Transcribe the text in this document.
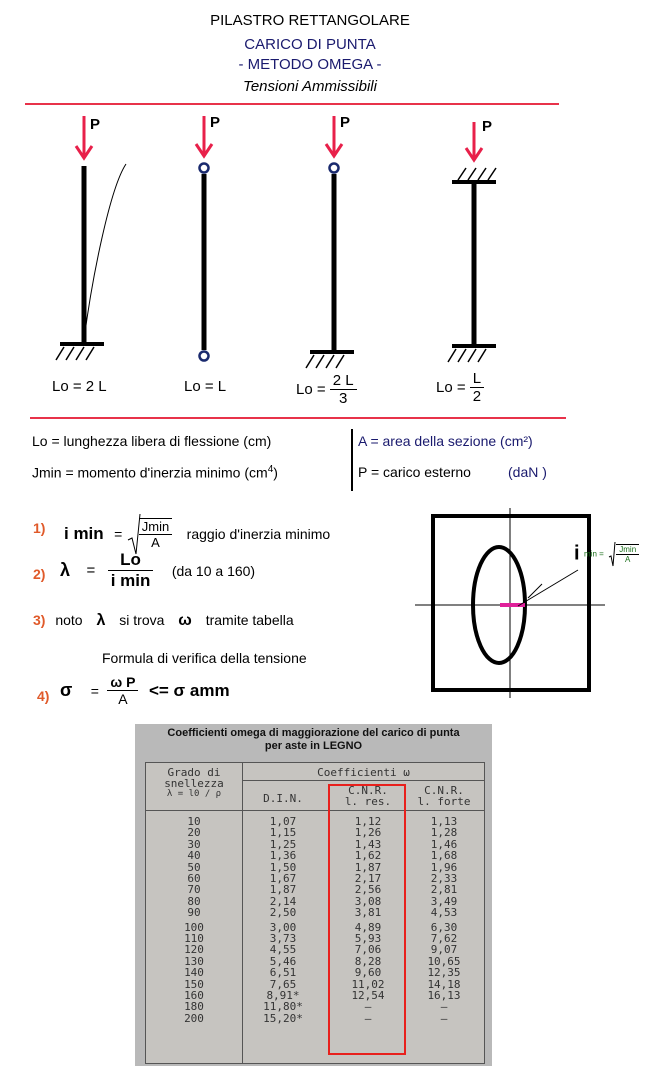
PILASTRO RETTANGOLARE
CARICO DI PUNTA
- METODO OMEGA -
Tensioni Ammissibili
P	P	P	P
Lo = 2 L	Lo = L	$Lo = \frac{2 L}{3}$	$Lo = \frac{L}{2}$
Lo = lunghezza libera di flessione (cm)
Jmin = momento d'inerzia minimo $(cm^4)$
A = area della sezione (cm²)
P = carico esterno	(daN )
1) i $\min = \frac{Jmin}{A}$ raggio d'inerzia minimo
2) $\lambda = \frac{Lo}{\text{i min}} (da$ 10 a 160)
3) noto λ si trova ω tramite tabella
Formula di verifica della tensione
4) $\sigma = \frac{\text{ω P}}{A} <= \sigma$ amm
i $\min = \frac{Jmin}{A}$
Coefficienti omega di maggiorazione del carico di punta
per aste in LEGNO
Grado di
snellezza
λ = l0 / ρ
Coefficienti ω
D.I.N.
C.N.R.
l. res.
C.N.R.
l. forte
10	1,07	1,12	1,13
20	1,15	1,26	1,28
30	1,25	1,43	1,46
40	1,36	1,62	1,68
50	1,50	1,87	1,96
60	1,67	2,17	2,33
70	1,87	2,56	2,81
80	2,14	3,08	3,49
90	2,50	3,81	4,53
100	3,00	4,89	6,30
110	3,73	5,93	7,62
120	4,55	7,06	9,07
130	5,46	8,28	10,65
140	6,51	9,60	12,35
150	7,65	11,02	14,18
160	8,91*	12,54	16,13
180	11,80*	—	—
200	15,20*	—	—
